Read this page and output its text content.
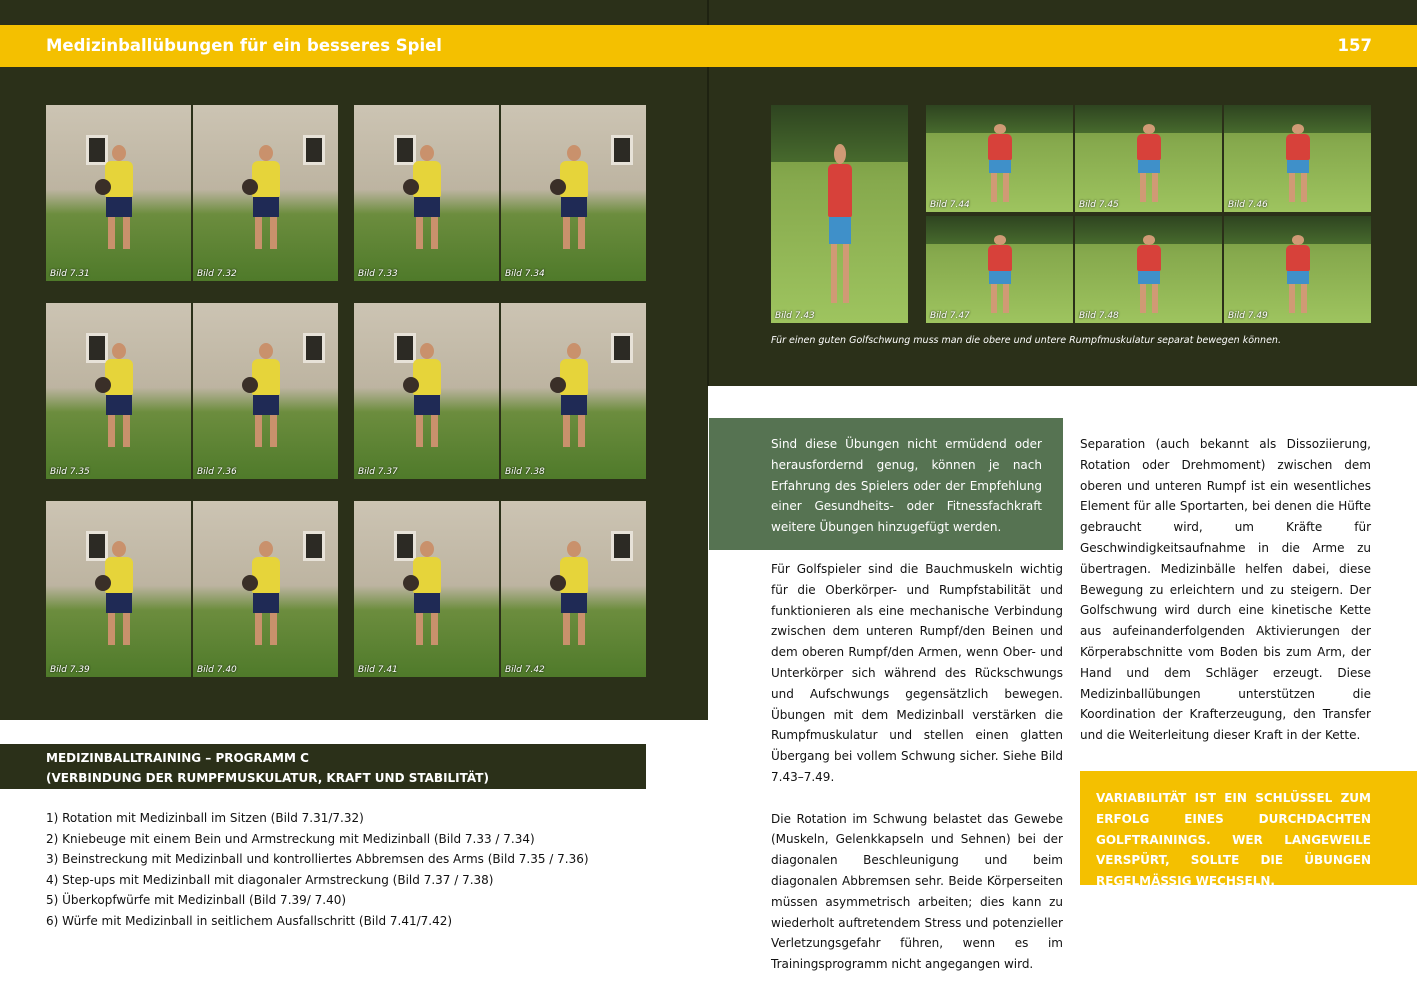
Medizinballübungen für ein besseres Spiel	157
Bild 7.31	Bild 7.32	Bild 7.33	Bild 7.34
Bild 7.35	Bild 7.36	Bild 7.37	Bild 7.38
Bild 7.39	Bild 7.40	Bild 7.41	Bild 7.42
Bild 7.43
Bild 7.44	Bild 7.45	Bild 7.46
Bild 7.47	Bild 7.48	Bild 7.49
Für einen guten Golfschwung muss man die obere und untere Rumpfmuskulatur separat bewegen können.
MEDIZINBALLTRAINING – PROGRAMM C
(VERBINDUNG DER RUMPFMUSKULATUR, KRAFT UND STABILITÄT)
1) Rotation mit Medizinball im Sitzen (Bild 7.31/7.32)
2) Kniebeuge mit einem Bein und Armstreckung mit Medizinball (Bild 7.33 / 7.34)
3) Beinstreckung mit Medizinball und kontrolliertes Abbremsen des Arms (Bild 7.35 / 7.36)
4) Step-ups mit Medizinball mit diagonaler Armstreckung (Bild 7.37 / 7.38)
5) Überkopfwürfe mit Medizinball (Bild 7.39/ 7.40)
6) Würfe mit Medizinball in seitlichem Ausfallschritt (Bild 7.41/7.42)

Sind diese Übungen nicht ermüdend oder herausfordernd genug, können je nach Erfahrung des Spielers oder der Empfehlung einer Gesundheits- oder Fitnessfachkraft weitere Übungen hinzugefügt werden.

Für Golfspieler sind die Bauchmuskeln wichtig für die Oberkörper- und Rumpfstabilität und funktionieren als eine mechanische Verbindung zwischen dem unteren Rumpf/den Beinen und dem oberen Rumpf/den Armen, wenn Ober- und Unterkörper sich während des Rückschwungs und Aufschwungs gegensätzlich bewegen. Übungen mit dem Medizinball verstärken die Rumpfmuskulatur und stellen einen glatten Übergang bei vollem Schwung sicher. Siehe Bild 7.43–7.49.

Die Rotation im Schwung belastet das Gewebe (Muskeln, Gelenkkapseln und Sehnen) bei der diagonalen Beschleunigung und beim diagonalen Abbremsen sehr. Beide Körperseiten müssen asymmetrisch arbeiten; dies kann zu wiederholt auftretendem Stress und potenzieller Verletzungsgefahr führen, wenn es im Trainingsprogramm nicht angegangen wird.

Separation (auch bekannt als Dissoziierung, Rotation oder Drehmoment) zwischen dem oberen und unteren Rumpf ist ein wesentliches Element für alle Sportarten, bei denen die Hüfte gebraucht wird, um Kräfte für Geschwindigkeitsaufnahme in die Arme zu übertragen. Medizinbälle helfen dabei, diese Bewegung zu erleichtern und zu steigern. Der Golfschwung wird durch eine kinetische Kette aus aufeinanderfolgenden Aktivierungen der Körperabschnitte vom Boden bis zum Arm, der Hand und dem Schläger erzeugt. Diese Medizinballübungen unterstützen die Koordination der Krafterzeugung, den Transfer und die Weiterleitung dieser Kraft in der Kette.

VARIABILITÄT IST EIN SCHLÜSSEL ZUM ERFOLG EINES DURCHDACHTEN GOLFTRAININGS. WER LANGEWEILE VERSPÜRT, SOLLTE DIE ÜBUNGEN REGELMÄSSIG WECHSELN.
